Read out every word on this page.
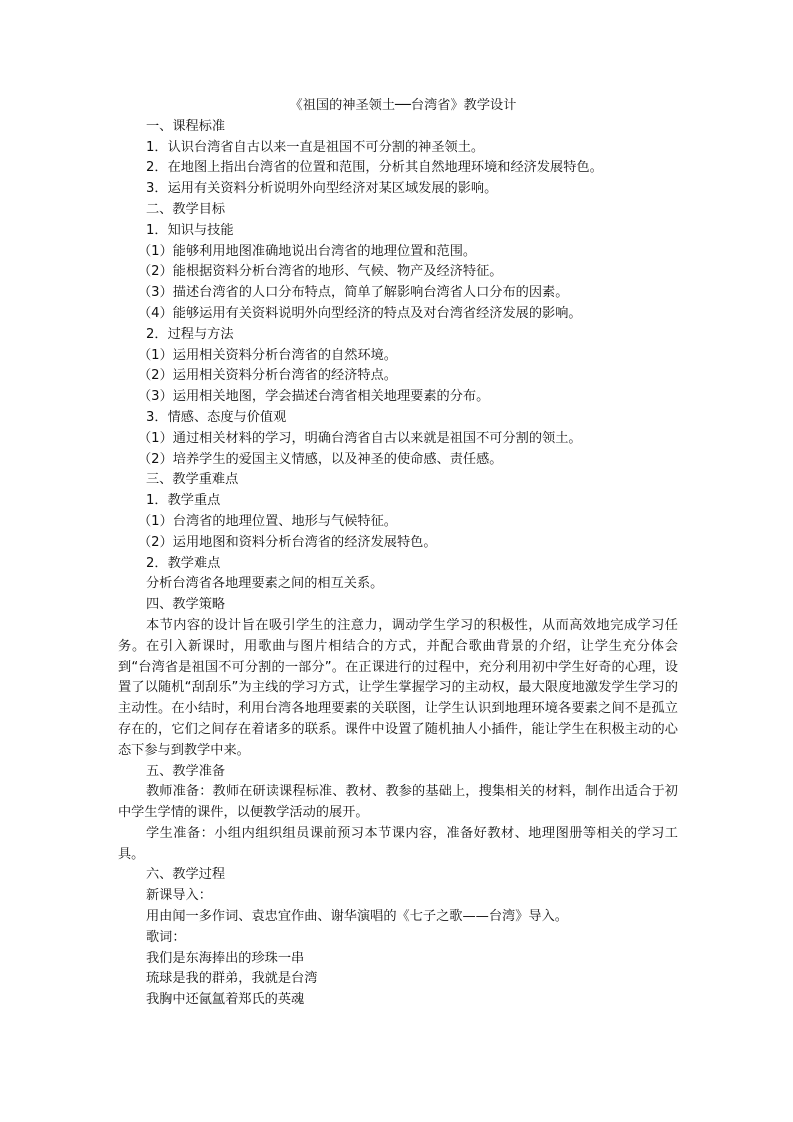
《祖国的神圣领土──台湾省》教学设计
一、课程标准
1．认识台湾省自古以来一直是祖国不可分割的神圣领土。
2．在地图上指出台湾省的位置和范围，分析其自然地理环境和经济发展特色。
3．运用有关资料分析说明外向型经济对某区域发展的影响。
二、教学目标
1．知识与技能
（1）能够利用地图准确地说出台湾省的地理位置和范围。
（2）能根据资料分析台湾省的地形、气候、物产及经济特征。
（3）描述台湾省的人口分布特点，简单了解影响台湾省人口分布的因素。
（4）能够运用有关资料说明外向型经济的特点及对台湾省经济发展的影响。
2．过程与方法
（1）运用相关资料分析台湾省的自然环境。
（2）运用相关资料分析台湾省的经济特点。
（3）运用相关地图，学会描述台湾省相关地理要素的分布。
3．情感、态度与价值观
（1）通过相关材料的学习，明确台湾省自古以来就是祖国不可分割的领土。
（2）培养学生的爱国主义情感，以及神圣的使命感、责任感。
三、教学重难点
1．教学重点
（1）台湾省的地理位置、地形与气候特征。
（2）运用地图和资料分析台湾省的经济发展特色。
2．教学难点
分析台湾省各地理要素之间的相互关系。
四、教学策略
本节内容的设计旨在吸引学生的注意力，调动学生学习的积极性，从而高效地完成学习任务。在引入新课时，用歌曲与图片相结合的方式，并配合歌曲背景的介绍，让学生充分体会到“台湾省是祖国不可分割的一部分”。在正课进行的过程中，充分利用初中学生好奇的心理，设置了以随机“刮刮乐”为主线的学习方式，让学生掌握学习的主动权，最大限度地激发学生学习的主动性。在小结时，利用台湾各地理要素的关联图，让学生认识到地理环境各要素之间不是孤立存在的，它们之间存在着诸多的联系。课件中设置了随机抽人小插件，能让学生在积极主动的心态下参与到教学中来。
五、教学准备
教师准备：教师在研读课程标准、教材、教参的基础上，搜集相关的材料，制作出适合于初中学生学情的课件，以便教学活动的展开。
学生准备：小组内组织组员课前预习本节课内容，准备好教材、地理图册等相关的学习工具。
六、教学过程
新课导入：
用由闻一多作词、袁忠宜作曲、谢华演唱的《七子之歌——台湾》导入。
歌词：
我们是东海捧出的珍珠一串
琉球是我的群弟，我就是台湾
我胸中还氤氲着郑氏的英魂
